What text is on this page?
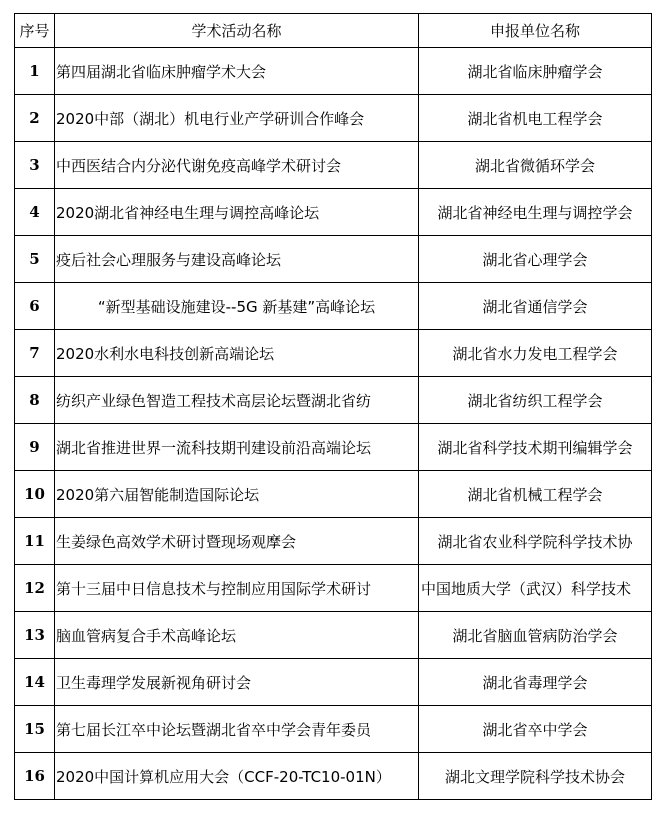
序号	学术活动名称	申报单位名称
1	第四届湖北省临床肿瘤学术大会	湖北省临床肿瘤学会
2	2020中部（湖北）机电行业产学研训合作峰会	湖北省机电工程学会
3	中西医结合内分泌代谢免疫高峰学术研讨会	湖北省微循环学会
4	2020湖北省神经电生理与调控高峰论坛	湖北省神经电生理与调控学会
5	疫后社会心理服务与建设高峰论坛	湖北省心理学会
6	“新型基础设施建设--5G 新基建”高峰论坛	湖北省通信学会
7	2020水利水电科技创新高端论坛	湖北省水力发电工程学会
8	纺织产业绿色智造工程技术高层论坛暨湖北省纺	湖北省纺织工程学会
9	湖北省推进世界一流科技期刊建设前沿高端论坛	湖北省科学技术期刊编辑学会
10	2020第六届智能制造国际论坛	湖北省机械工程学会
11	生姜绿色高效学术研讨暨现场观摩会	湖北省农业科学院科学技术协
12	第十三届中日信息技术与控制应用国际学术研讨	中国地质大学（武汉）科学技术
13	脑血管病复合手术高峰论坛	湖北省脑血管病防治学会
14	卫生毒理学发展新视角研讨会	湖北省毒理学会
15	第七届长江卒中论坛暨湖北省卒中学会青年委员	湖北省卒中学会
16	2020中国计算机应用大会（CCF-20-TC10-01N）	湖北文理学院科学技术协会
